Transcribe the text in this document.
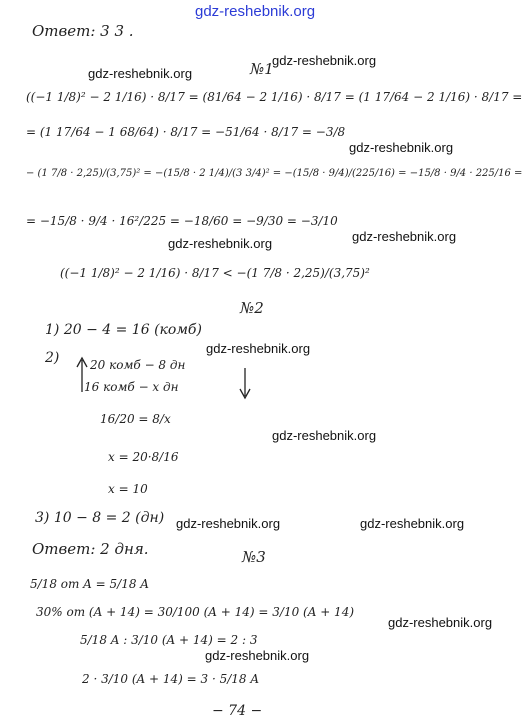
gdz-reshebnik.org
Ответ: 3 3 .
№1
gdz-reshebnik.org
gdz-reshebnik.org
((−1 1/8)² − 2 1/16) · 8/17 = (81/64 − 2 1/16) · 8/17 = (1 17/64 − 2 1/16) · 8/17 =
= (1 17/64 − 1 68/64) · 8/17 = −51/64 · 8/17 = −3/8
gdz-reshebnik.org
− (1 7/8 · 2,25)/(3,75)² = −(15/8 · 2 1/4)/(3 3/4)² = −(15/8 · 9/4)/(225/16) = −15/8 · 9/4 · 225/16 =
= −15/8 · 9/4 · 16²/225 = −18/60 = −9/30 = −3/10
gdz-reshebnik.org
gdz-reshebnik.org
((−1 1/8)² − 2 1/16) · 8/17 < −(1 7/8 · 2,25)/(3,75)²
№2
1) 20 − 4 = 16 (комб)
2)
gdz-reshebnik.org
20 комб − 8 дн
16 комб − x дн
16/20 = 8/x
gdz-reshebnik.org
x = 20·8/16
x = 10
3) 10 − 8 = 2 (дн) gdz-reshebnik.org	gdz-reshebnik.org
Ответ: 2 дня.	№3
5/18 от A = 5/18 A
30% от (A + 14) = 30/100 (A + 14) = 3/10 (A + 14)
gdz-reshebnik.org
5/18 A : 3/10 (A + 14) = 2 : 3
gdz-reshebnik.org
2 · 3/10 (A + 14) = 3 · 5/18 A
− 74 −
